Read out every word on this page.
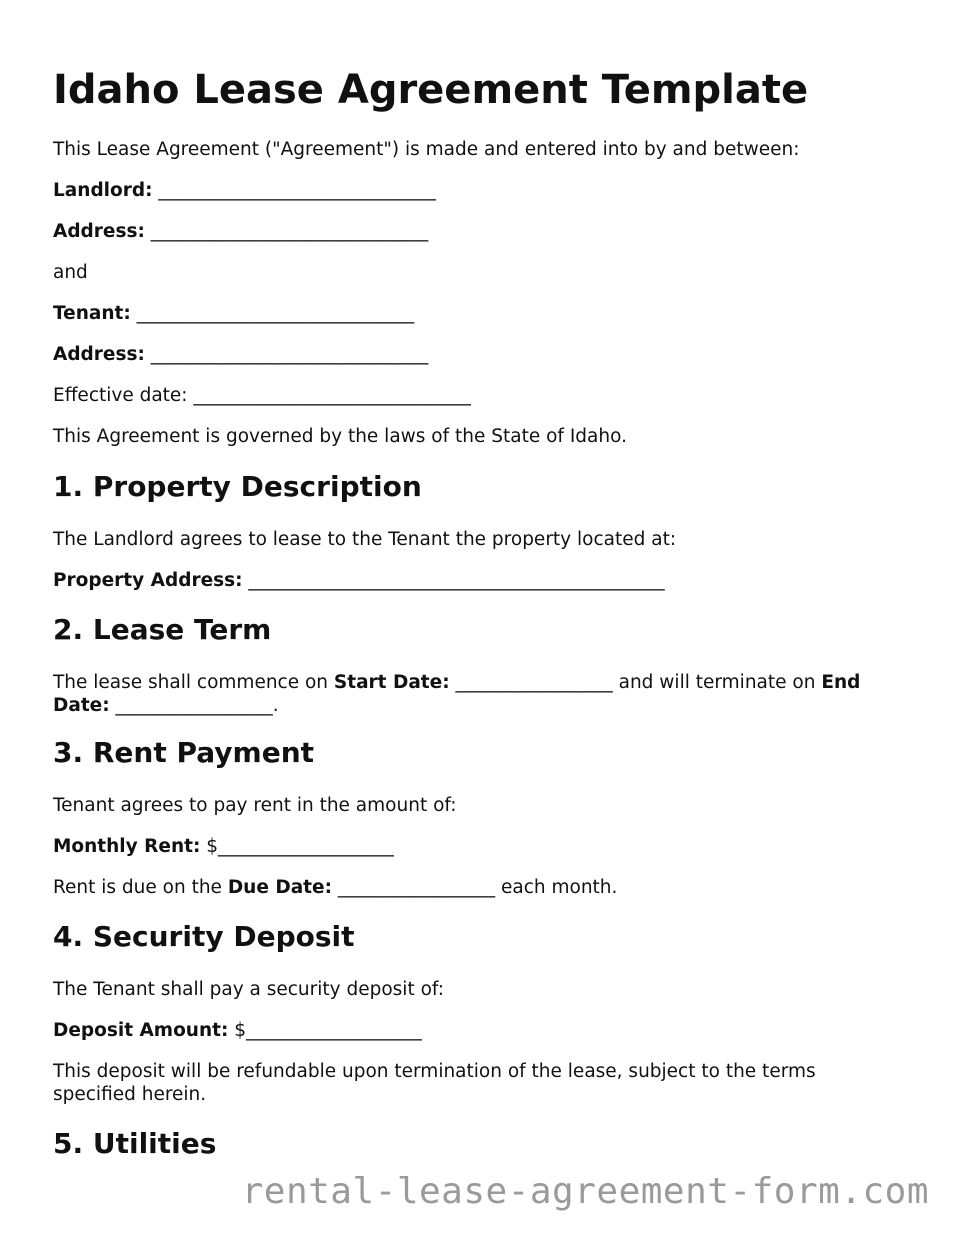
Idaho Lease Agreement Template

This Lease Agreement ("Agreement") is made and entered into by and between:

Landlord: ______________________________

Address: ______________________________

and

Tenant: ______________________________

Address: ______________________________

Effective date: ______________________________

This Agreement is governed by the laws of the State of Idaho.

1. Property Description

The Landlord agrees to lease to the Tenant the property located at:

Property Address: _____________________________________________

2. Lease Term

The lease shall commence on Start Date: _________________ and will terminate on End Date: _________________.

3. Rent Payment

Tenant agrees to pay rent in the amount of:

Monthly Rent: $___________________

Rent is due on the Due Date: _________________ each month.

4. Security Deposit

The Tenant shall pay a security deposit of:

Deposit Amount: $___________________

This deposit will be refundable upon termination of the lease, subject to the terms specified herein.

5. Utilities
rental-lease-agreement-form.com
